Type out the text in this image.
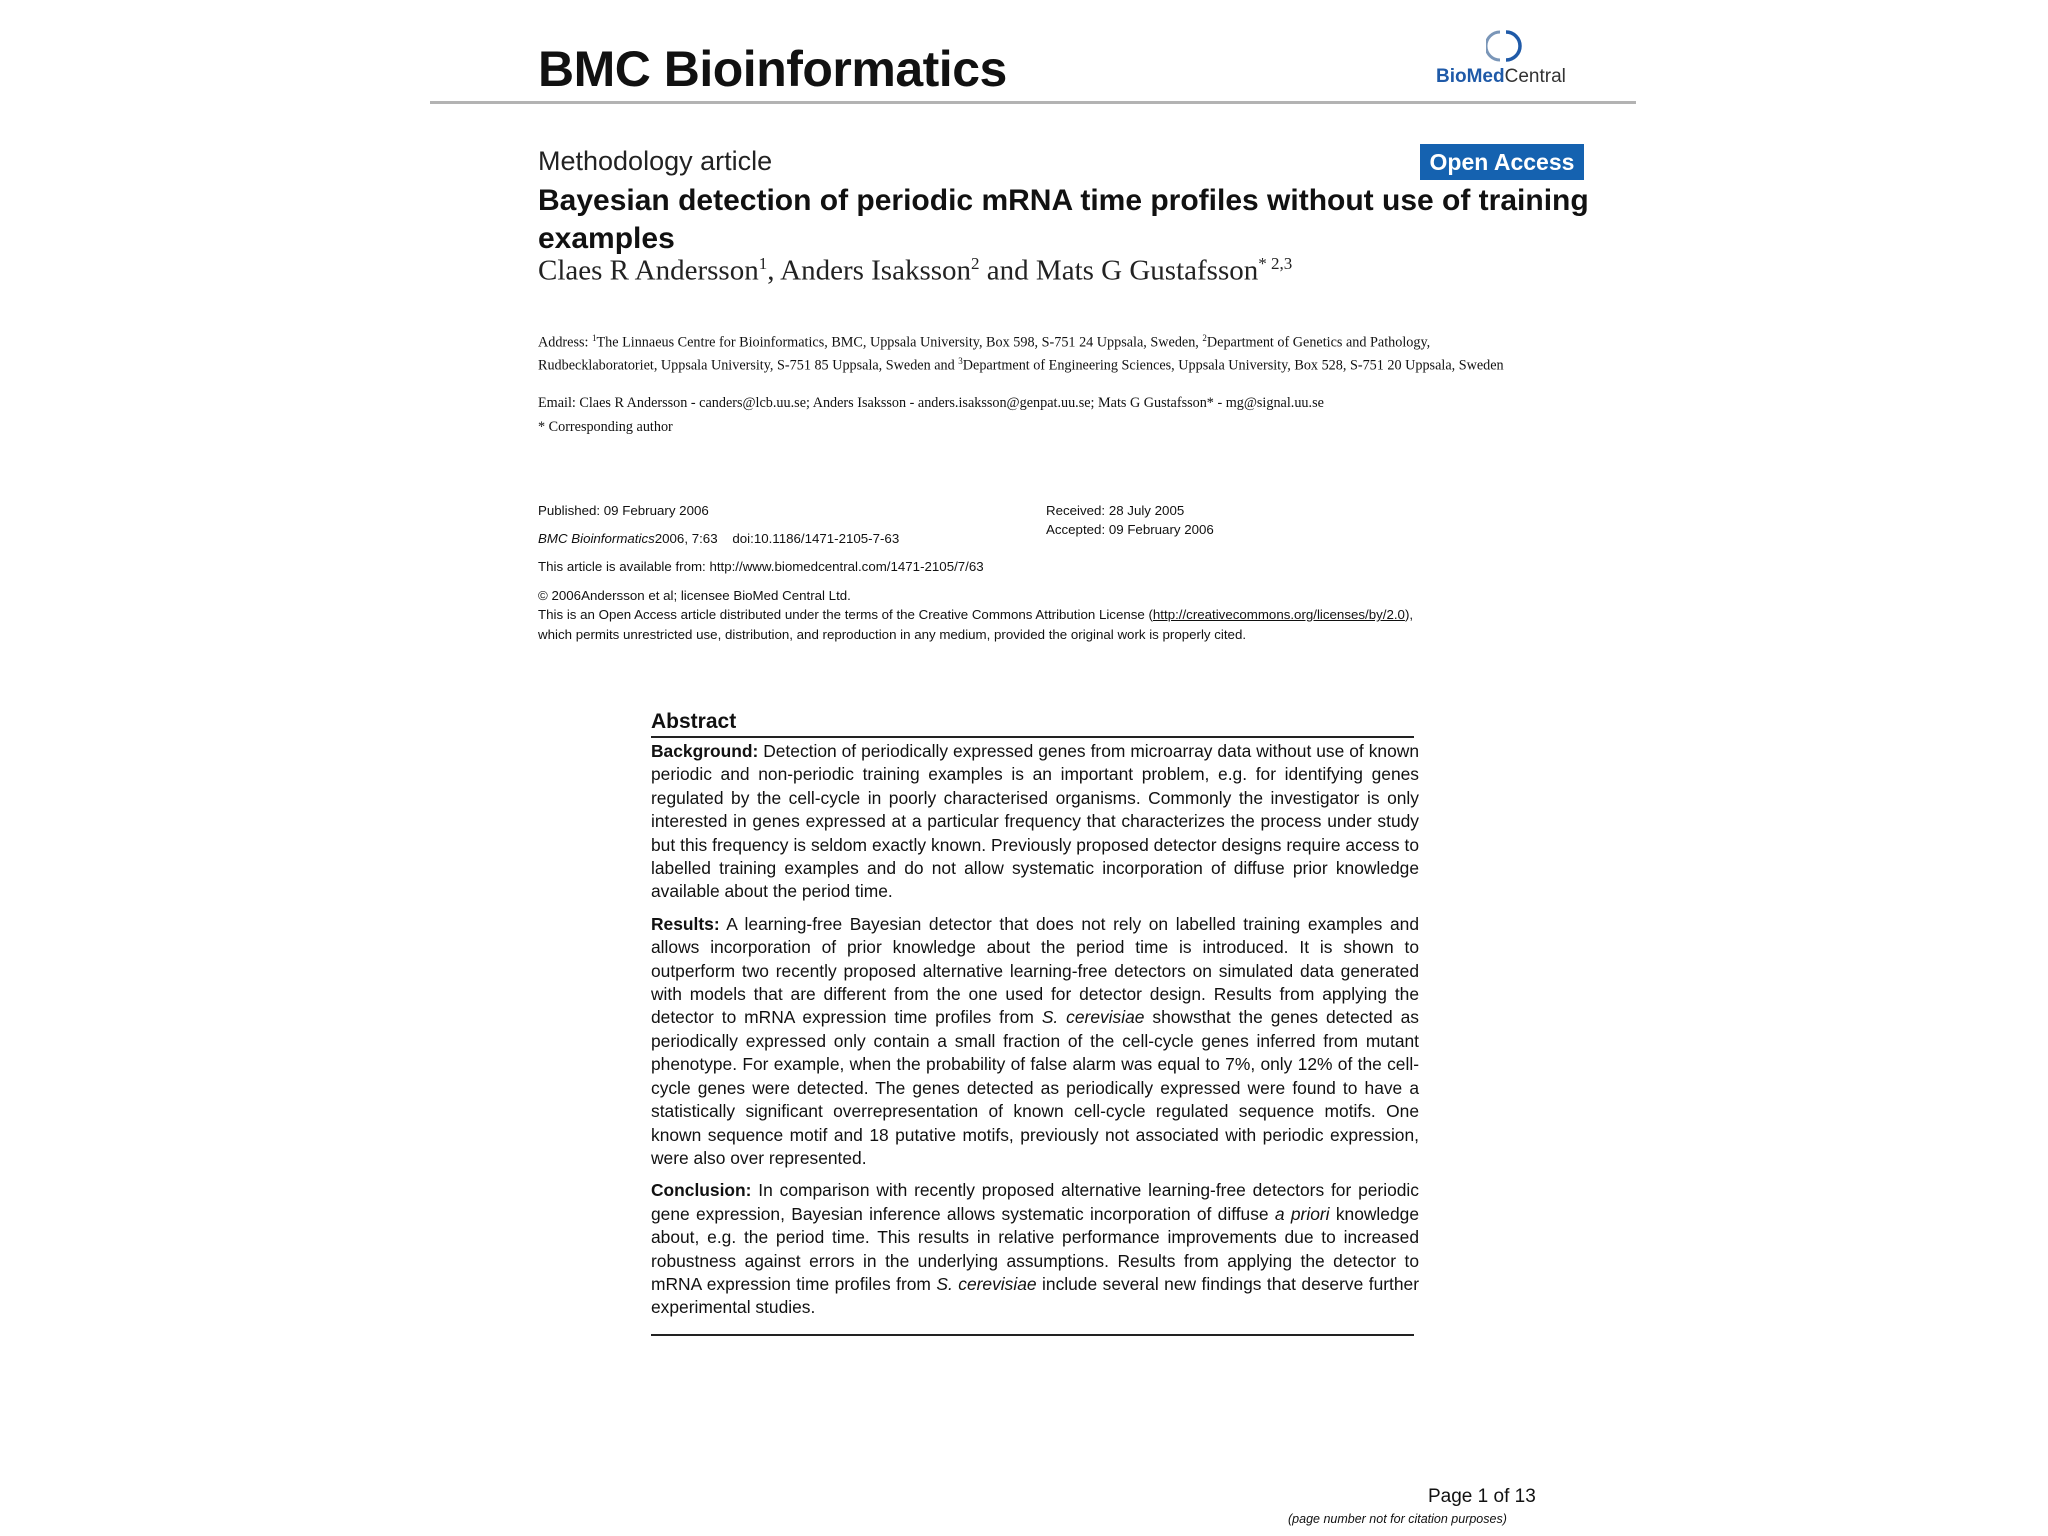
BMC Bioinformatics	BioMedCentral
Methodology article	Open Access
Bayesian detection of periodic mRNA time profiles without use of training examples
Claes R Andersson$^1$, Anders Isaksson$^2$ and Mats G Gustafsson$^{* 2,3}$
Address: $^1$The Linnaeus Centre for Bioinformatics, BMC, Uppsala University, Box 598, S-751 24 Uppsala, Sweden, $^2$Department of Genetics and Pathology, Rudbecklaboratoriet, Uppsala University, S-751 85 Uppsala, Sweden and $^3$Department of Engineering Sciences, Uppsala University, Box 528, S-751 20 Uppsala, Sweden
Email: Claes R Andersson - canders@lcb.uu.se; Anders Isaksson - anders.isaksson@genpat.uu.se; Mats G Gustafsson* - mg@signal.uu.se
* Corresponding author
Published: 09 February 2006
BMC Bioinformatics2006, 7:63    doi:10.1186/1471-2105-7-63
Received: 28 July 2005
Accepted: 09 February 2006
This article is available from: http://www.biomedcentral.com/1471-2105/7/63
© 2006Andersson et al; licensee BioMed Central Ltd.
This is an Open Access article distributed under the terms of the Creative Commons Attribution License (http://creativecommons.org/licenses/by/2.0),
which permits unrestricted use, distribution, and reproduction in any medium, provided the original work is properly cited.
Abstract

Background: Detection of periodically expressed genes from microarray data without use of known periodic and non-periodic training examples is an important problem, e.g. for identifying genes regulated by the cell-cycle in poorly characterised organisms. Commonly the investigator is only interested in genes expressed at a particular frequency that characterizes the process under study but this frequency is seldom exactly known. Previously proposed detector designs require access to labelled training examples and do not allow systematic incorporation of diffuse prior knowledge available about the period time.

Results: A learning-free Bayesian detector that does not rely on labelled training examples and allows incorporation of prior knowledge about the period time is introduced. It is shown to outperform two recently proposed alternative learning-free detectors on simulated data generated with models that are different from the one used for detector design. Results from applying the detector to mRNA expression time profiles from S. cerevisiae showsthat the genes detected as periodically expressed only contain a small fraction of the cell-cycle genes inferred from mutant phenotype. For example, when the probability of false alarm was equal to 7%, only 12% of the cell-cycle genes were detected. The genes detected as periodically expressed were found to have a statistically significant overrepresentation of known cell-cycle regulated sequence motifs. One known sequence motif and 18 putative motifs, previously not associated with periodic expression, were also over represented.

Conclusion: In comparison with recently proposed alternative learning-free detectors for periodic gene expression, Bayesian inference allows systematic incorporation of diffuse a priori knowledge about, e.g. the period time. This results in relative performance improvements due to increased robustness against errors in the underlying assumptions. Results from applying the detector to mRNA expression time profiles from S. cerevisiae include several new findings that deserve further experimental studies.

Page 1 of 13
(page number not for citation purposes)
